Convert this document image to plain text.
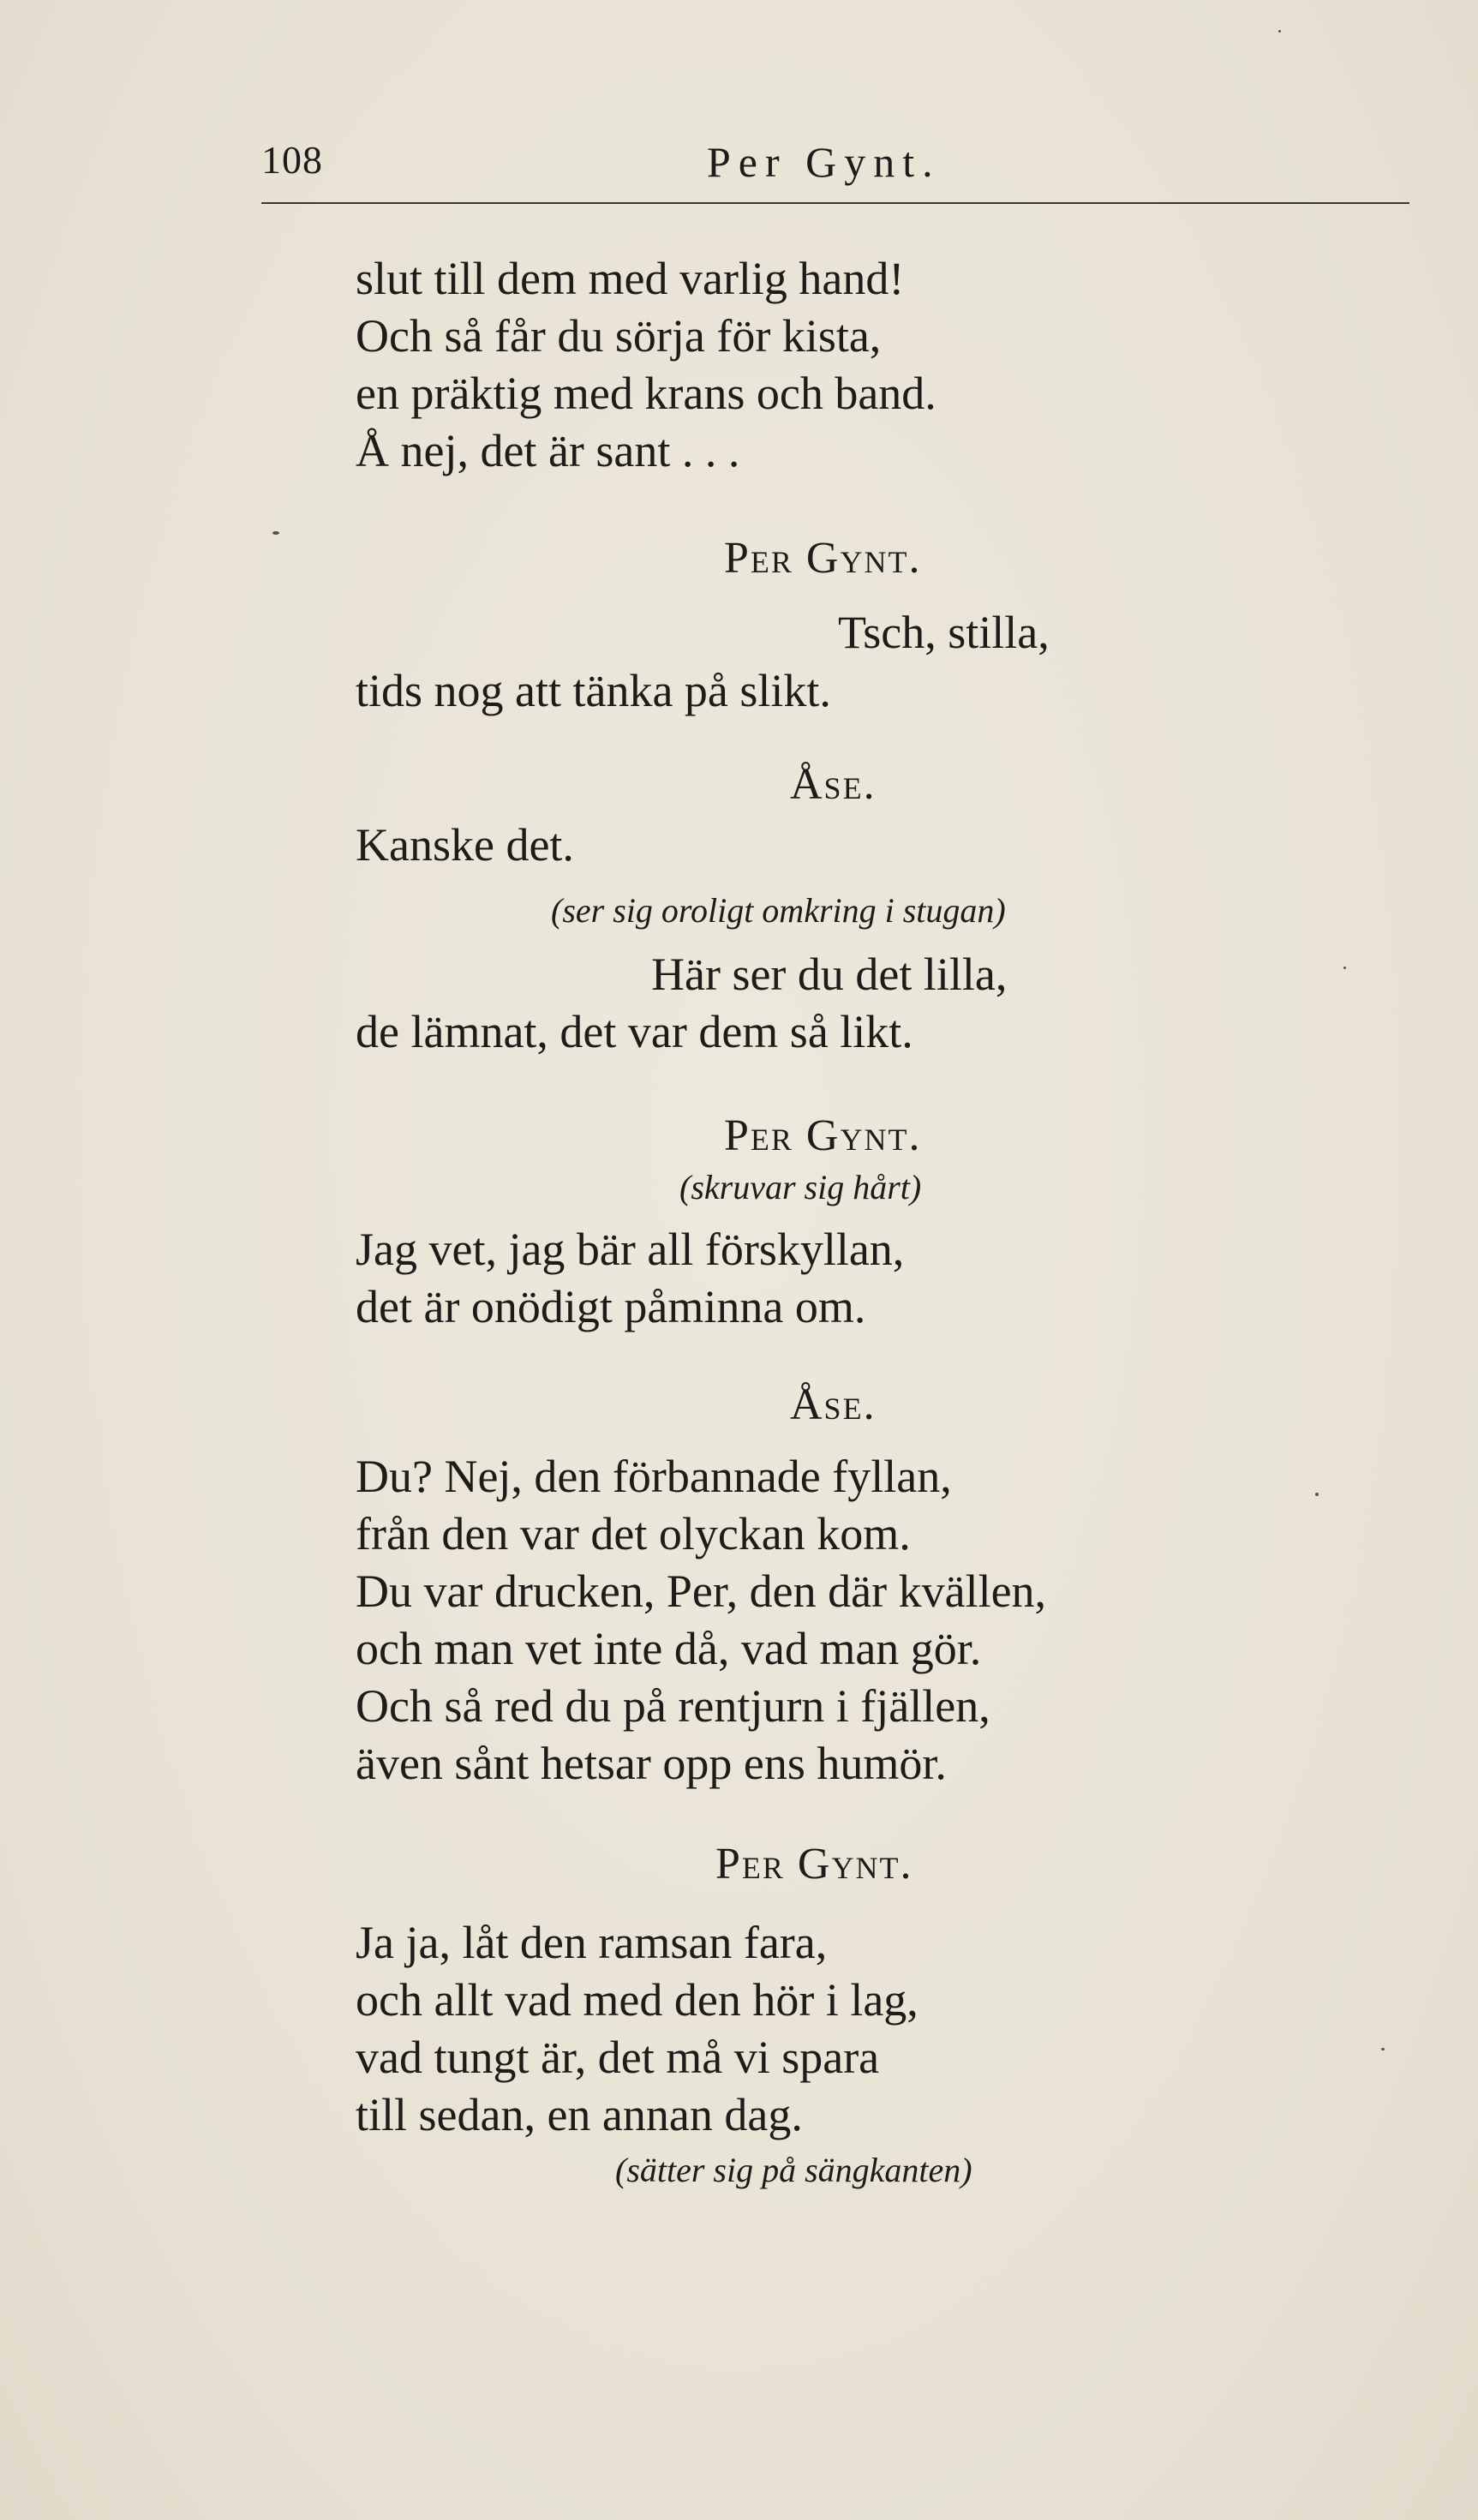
108	Per Gynt.
slut till dem med varlig hand!
Och så får du sörja för kista,
en präktig med krans och band.
Å nej, det är sant . . .
Per Gynt.
Tsch, stilla,
tids nog att tänka på slikt.
Åse.
Kanske det.
(ser sig oroligt omkring i stugan)
Här ser du det lilla,
de lämnat, det var dem så likt.
Per Gynt.
(skruvar sig hårt)
Jag vet, jag bär all förskyllan,
det är onödigt påminna om.
Åse.
Du? Nej, den förbannade fyllan,
från den var det olyckan kom.
Du var drucken, Per, den där kvällen,
och man vet inte då, vad man gör.
Och så red du på rentjurn i fjällen,
även sånt hetsar opp ens humör.
Per Gynt.
Ja ja, låt den ramsan fara,
och allt vad med den hör i lag,
vad tungt är, det må vi spara
till sedan, en annan dag.
(sätter sig på sängkanten)
